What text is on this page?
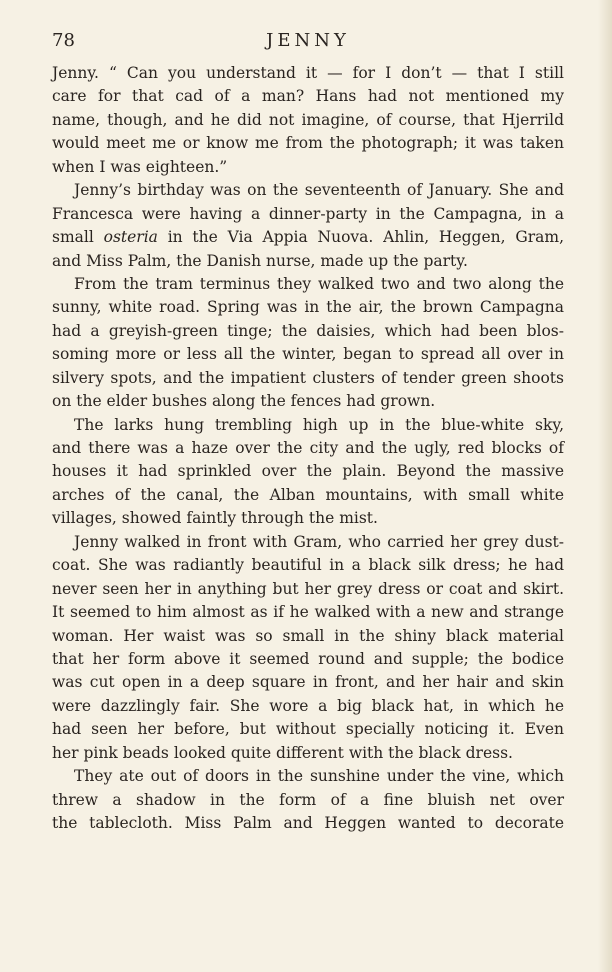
78	JENNY
Jenny. “ Can you understand it — for I don’t — that I still
care for that cad of a man? Hans had not mentioned my
name, though, and he did not imagine, of course, that Hjerrild
would meet me or know me from the photograph; it was taken
when I was eighteen.”
Jenny’s birthday was on the seventeenth of January. She and
Francesca were having a dinner-party in the Campagna, in a
small osteria in the Via Appia Nuova. Ahlin, Heggen, Gram,
and Miss Palm, the Danish nurse, made up the party.
From the tram terminus they walked two and two along the
sunny, white road. Spring was in the air, the brown Campagna
had a greyish-green tinge; the daisies, which had been blos-
soming more or less all the winter, began to spread all over in
silvery spots, and the impatient clusters of tender green shoots
on the elder bushes along the fences had grown.
The larks hung trembling high up in the blue-white sky,
and there was a haze over the city and the ugly, red blocks of
houses it had sprinkled over the plain. Beyond the massive
arches of the canal, the Alban mountains, with small white
villages, showed faintly through the mist.
Jenny walked in front with Gram, who carried her grey dust-
coat. She was radiantly beautiful in a black silk dress; he had
never seen her in anything but her grey dress or coat and skirt.
It seemed to him almost as if he walked with a new and strange
woman. Her waist was so small in the shiny black material
that her form above it seemed round and supple; the bodice
was cut open in a deep square in front, and her hair and skin
were dazzlingly fair. She wore a big black hat, in which he
had seen her before, but without specially noticing it. Even
her pink beads looked quite different with the black dress.
They ate out of doors in the sunshine under the vine, which
threw a shadow in the form of a fine bluish net over
the tablecloth. Miss Palm and Heggen wanted to decorate
